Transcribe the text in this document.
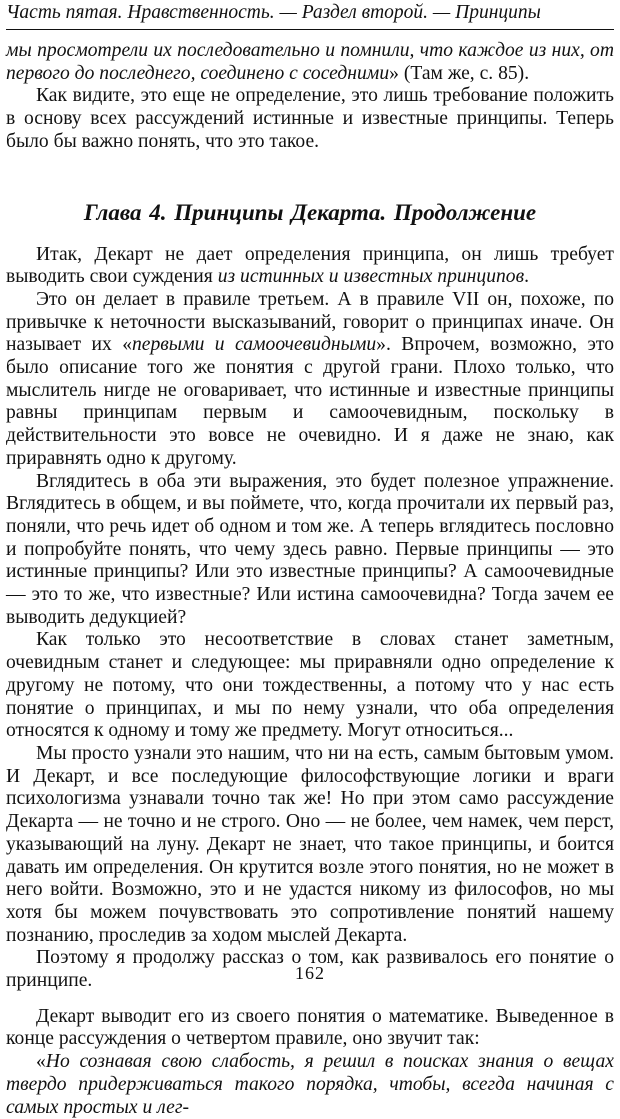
Часть пятая. Нравственность. — Раздел второй. — Принципы

мы просмотрели их последовательно и помнили, что каждое из них, от первого до последнего, соединено с соседними» (Там же, с. 85).

Как видите, это еще не определение, это лишь требование положить в основу всех рассуждений истинные и известные принципы. Теперь было бы важно понять, что это такое.

Глава 4. Принципы Декарта. Продолжение

Итак, Декарт не дает определения принципа, он лишь требует выводить свои суждения из истинных и известных принципов.

Это он делает в правиле третьем. А в правиле VII он, похоже, по привычке к неточности высказываний, говорит о принципах иначе. Он называет их «первыми и самоочевидными». Впрочем, возможно, это было описание того же понятия с другой грани. Плохо только, что мыслитель нигде не оговаривает, что истинные и известные принципы равны принципам первым и самоочевидным, поскольку в действительности это вовсе не очевидно. И я даже не знаю, как приравнять одно к другому.

Вглядитесь в оба эти выражения, это будет полезное упражнение. Вглядитесь в общем, и вы поймете, что, когда прочитали их первый раз, поняли, что речь идет об одном и том же. А теперь вглядитесь пословно и попробуйте понять, что чему здесь равно. Первые принципы — это истинные принципы? Или это известные принципы? А самоочевидные — это то же, что известные? Или истина самоочевидна? Тогда зачем ее выводить дедукцией?

Как только это несоответствие в словах станет заметным, очевидным станет и следующее: мы приравняли одно определение к другому не потому, что они тождественны, а потому что у нас есть понятие о принципах, и мы по нему узнали, что оба определения относятся к одному и тому же предмету. Могут относиться...

Мы просто узнали это нашим, что ни на есть, самым бытовым умом. И Декарт, и все последующие философствующие логики и враги психологизма узнавали точно так же! Но при этом само рассуждение Декарта — не точно и не строго. Оно — не более, чем намек, чем перст, указывающий на луну. Декарт не знает, что такое принципы, и боится давать им определения. Он крутится возле этого понятия, но не может в него войти. Возможно, это и не удастся никому из философов, но мы хотя бы можем почувствовать это сопротивление понятий нашему познанию, проследив за ходом мыслей Декарта.

Поэтому я продолжу рассказ о том, как развивалось его понятие о принципе.

Декарт выводит его из своего понятия о математике. Выведенное в конце рассуждения о четвертом правиле, оно звучит так:

«Но сознавая свою слабость, я решил в поисках знания о вещах твердо придерживаться такого порядка, чтобы, всегда начиная с самых простых и лег-

162
